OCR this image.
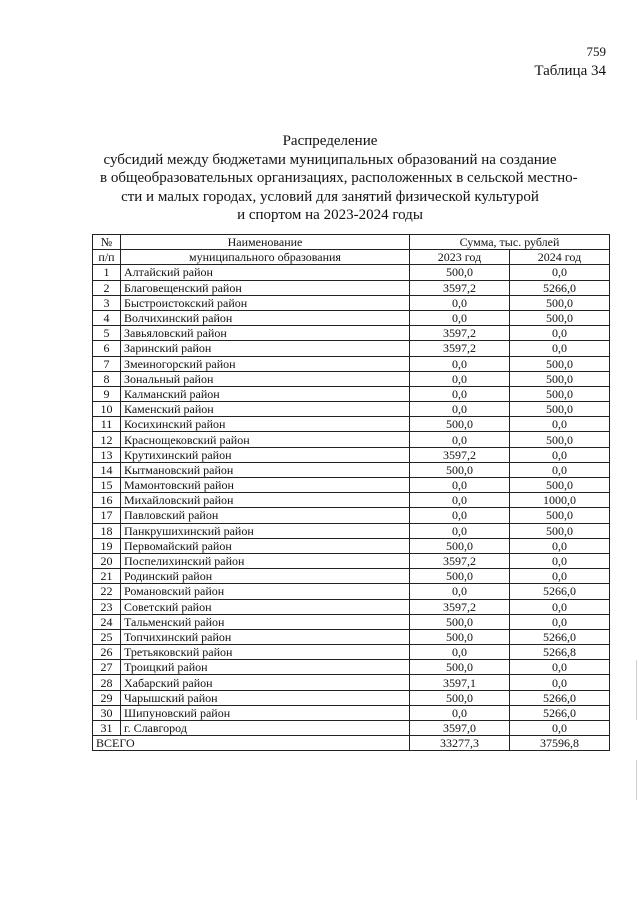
759
Таблица 34
Распределение
субсидий между бюджетами муниципальных образований на создание
в общеобразовательных организациях, расположенных в сельской местно-
сти и малых городах, условий для занятий физической культурой
и спортом на 2023-2024 годы
№	Наименование	Сумма, тыс. рублей	
п/п	муниципального образования	2023 год	2024 год
1	Алтайский район	500,0	0,0
2	Благовещенский район	3597,2	5266,0
3	Быстроистокский район	0,0	500,0
4	Волчихинский район	0,0	500,0
5	Завьяловский район	3597,2	0,0
6	Заринский район	3597,2	0,0
7	Змеиногорский район	0,0	500,0
8	Зональный район	0,0	500,0
9	Калманский район	0,0	500,0
10	Каменский район	0,0	500,0
11	Косихинский район	500,0	0,0
12	Краснощековский район	0,0	500,0
13	Крутихинский район	3597,2	0,0
14	Кытмановский район	500,0	0,0
15	Мамонтовский район	0,0	500,0
16	Михайловский район	0,0	1000,0
17	Павловский район	0,0	500,0
18	Панкрушихинский район	0,0	500,0
19	Первомайский район	500,0	0,0
20	Поспелихинский район	3597,2	0,0
21	Родинский район	500,0	0,0
22	Романовский район	0,0	5266,0
23	Советский район	3597,2	0,0
24	Тальменский район	500,0	0,0
25	Топчихинский район	500,0	5266,0
26	Третьяковский район	0,0	5266,8
27	Троицкий район	500,0	0,0
28	Хабарский район	3597,1	0,0
29	Чарышский район	500,0	5266,0
30	Шипуновский район	0,0	5266,0
31	г. Славгород	3597,0	0,0
ВСЕГО		33277,3	37596,8
